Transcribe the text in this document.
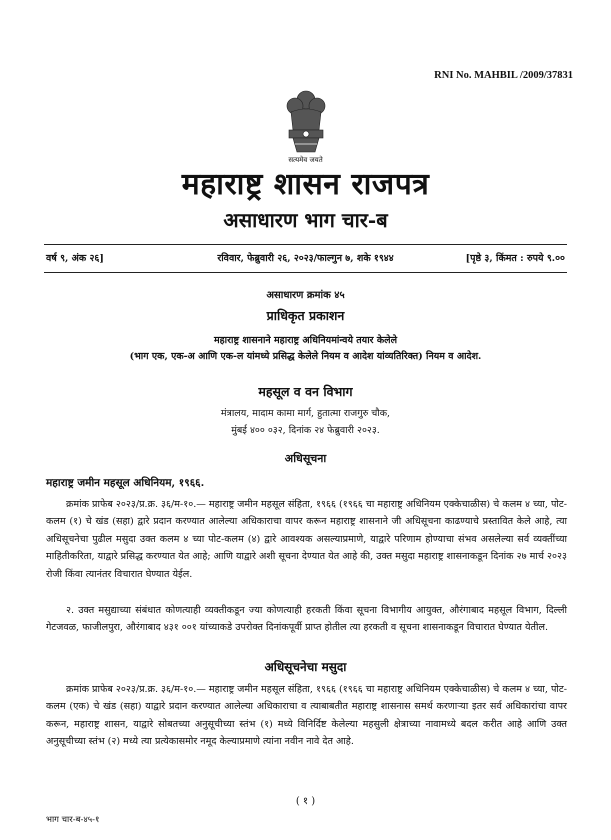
RNI No. MAHBIL /2009/37831
सत्यमेव जयते
महाराष्ट्र शासन राजपत्र
असाधारण भाग चार-ब
वर्ष ९, अंक २६]	रविवार, फेब्रुवारी २६, २०२३/फाल्गुन ७, शके १९४४	[पृष्ठे ३, किंमत : रुपये ९.००
असाधारण क्रमांक ४५
प्राधिकृत प्रकाशन
महाराष्ट्र शासनाने महाराष्ट्र अधिनियमांन्वये तयार केलेले
(भाग एक, एक-अ आणि एक-ल यांमध्ये प्रसिद्ध केलेले नियम व आदेश यांव्यतिरिक्त) नियम व आदेश.
महसूल व वन विभाग
मंत्रालय, मादाम कामा मार्ग, हुतात्मा राजगुरु चौक,
मुंबई ४०० ०३२, दिनांक २४ फेब्रुवारी २०२३.
अधिसूचना
महाराष्ट्र जमीन महसूल अधिनियम, १९६६.

क्रमांक प्राफेब २०२३/प्र.क्र. ३६/म-१०.— महाराष्ट्र जमीन महसूल संहिता, १९६६ (१९६६ चा महाराष्ट्र अधिनियम एक्केचाळीस) चे कलम ४ च्या, पोट-कलम (१) चे खंड (सहा) द्वारे प्रदान करण्यात आलेल्या अधिकाराचा वापर करून महाराष्ट्र शासनाने जी अधिसूचना काढण्याचे प्रस्तावित केले आहे, त्या अधिसूचनेचा पुढील मसुदा उक्त कलम ४ च्या पोट-कलम (४) द्वारे आवश्यक असल्याप्रमाणे, याद्वारे परिणाम होण्याचा संभव असलेल्या सर्व व्यक्तींच्या माहितीकरिता, याद्वारे प्रसिद्ध करण्यात येत आहे; आणि याद्वारे अशी सूचना देण्यात येत आहे की, उक्त मसुदा महाराष्ट्र शासनाकडून दिनांक २७ मार्च २०२३ रोजी किंवा त्यानंतर विचारात घेण्यात येईल.

२. उक्त मसुद्याच्या संबंधात कोणत्याही व्यक्तीकडून ज्या कोणत्याही हरकती किंवा सूचना विभागीय आयुक्त, औरंगाबाद महसूल विभाग, दिल्ली गेटजवळ, फाजीलपुरा, औरंगाबाद ४३१ ००१ यांच्याकडे उपरोक्त दिनांकपूर्वी प्राप्त होतील त्या हरकती व सूचना शासनाकडून विचारात घेण्यात येतील.

अधिसूचनेचा मसुदा

क्रमांक प्राफेब २०२३/प्र.क्र. ३६/म-१०.— महाराष्ट्र जमीन महसूल संहिता, १९६६ (१९६६ चा महाराष्ट्र अधिनियम एक्केचाळीस) चे कलम ४ च्या, पोट-कलम (एक) चे खंड (सहा) याद्वारे प्रदान करण्यात आलेल्या अधिकाराचा व त्याबाबतीत महाराष्ट्र शासनास समर्थ करणाऱ्या इतर सर्व अधिकारांचा वापर करून, महाराष्ट्र शासन, याद्वारे सोबतच्या अनुसूचीच्या स्तंभ (१) मध्ये विनिर्दिष्ट केलेल्या महसुली क्षेत्राच्या नावामध्ये बदल करीत आहे आणि उक्त अनुसूचीच्या स्तंभ (२) मध्ये त्या प्रत्येकासमोर नमूद केल्याप्रमाणे त्यांना नवीन नावे देत आहे.

( १ )
भाग चार-ब-४५-१
